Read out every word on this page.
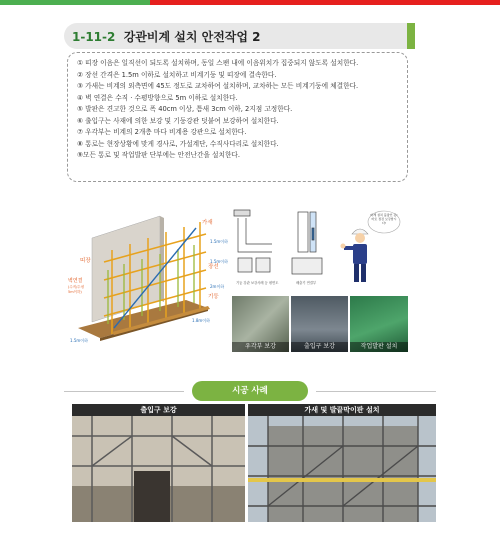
1-11-2 강관비계 설치 안전작업 2
① 띠장 이음은 일직선이 되도록 설치하며, 동일 스팬 내에 이음위치가 집중되지 않도록 설치한다.
② 장선 간격은 1.5m 이하로 설치하고 비계기둥 및 띠장에 결속한다.
③ 가새는 비계의 외측면에 45도 정도로 교차하여 설치하며, 교차하는 모든 비계기둥에 체결한다.
④ 벽 연결은 수직 · 수평방향으로 5m 이하로 설치한다.
⑤ 발판은 견고한 것으로 폭 40cm 이상, 틈새 3cm 이하, 2지점 고정한다.
⑥ 출입구는 사재에 의한 보강 및 기둥강관 덧붙여 보강하여 설치한다.
⑦ 우각부는 비계의 2개층 마다 비계용 강관으로 설치한다.
⑧ 통로는 현장상황에 맞게 경사로, 가설계단, 수직사다리로 설치한다.
⑨모든 통로 및 작업발판 단부에는 안전난간을 설치한다.
가새
1.5m이하
1.5m이하
2m이하
띠장
장선
벽연결
(수직/수평
5m이하)
기둥
1.8m이하
1.5m이하
기둥 강관 보강사례 등 평면도	배출기 연결부
비계 설치 불량인 곳! 바로 점검 보강합시다!
우각부 보강	출입구 보강	작업발판 설치
시공 사례
출입구 보강	가새 및 발끝막이판 설치
